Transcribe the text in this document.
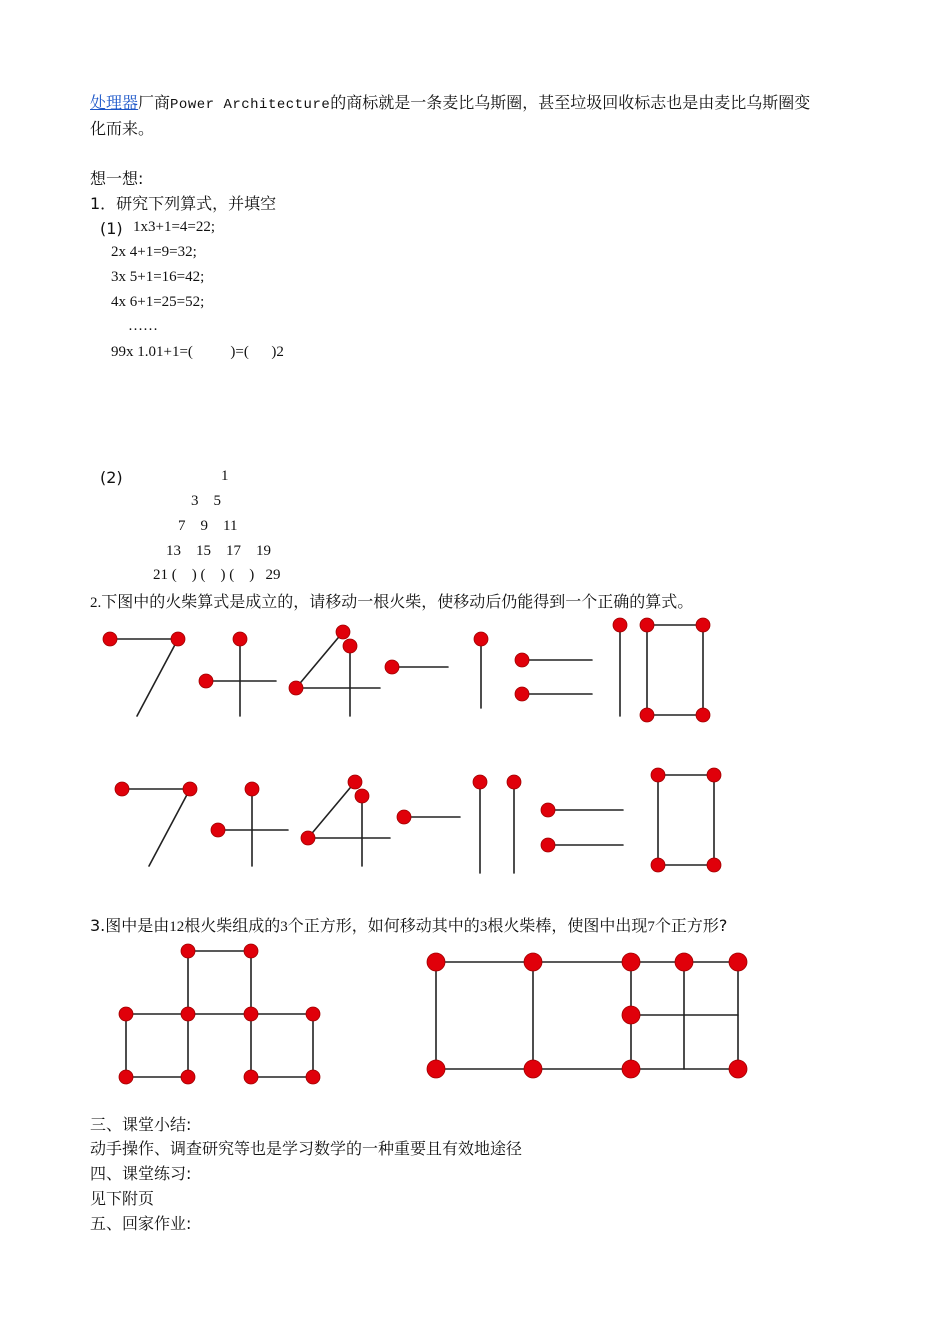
处理器厂商Power Architecture的商标就是一条麦比乌斯圈，甚至垃圾回收标志也是由麦比乌斯圈变
化而来。
想一想:
1．研究下列算式，并填空
(1) 1x3+1=4=22;
2x 4+1=9=32;
3x 5+1=16=42;
4x 6+1=25=52;
……
99x 1.01+1=(          )=(      )2
(2)	1
3    5
7    9    11
13    15    17    19
21 (    ) (    ) (    )   29
2.下图中的火柴算式是成立的，请移动一根火柴，使移动后仍能得到一个正确的算式。
3.图中是由12根火柴组成的3个正方形，如何移动其中的3根火柴棒，使图中出现7个正方形?
三、课堂小结:
动手操作、调查研究等也是学习数学的一种重要且有效地途径
四、课堂练习:
见下附页
五、回家作业:
